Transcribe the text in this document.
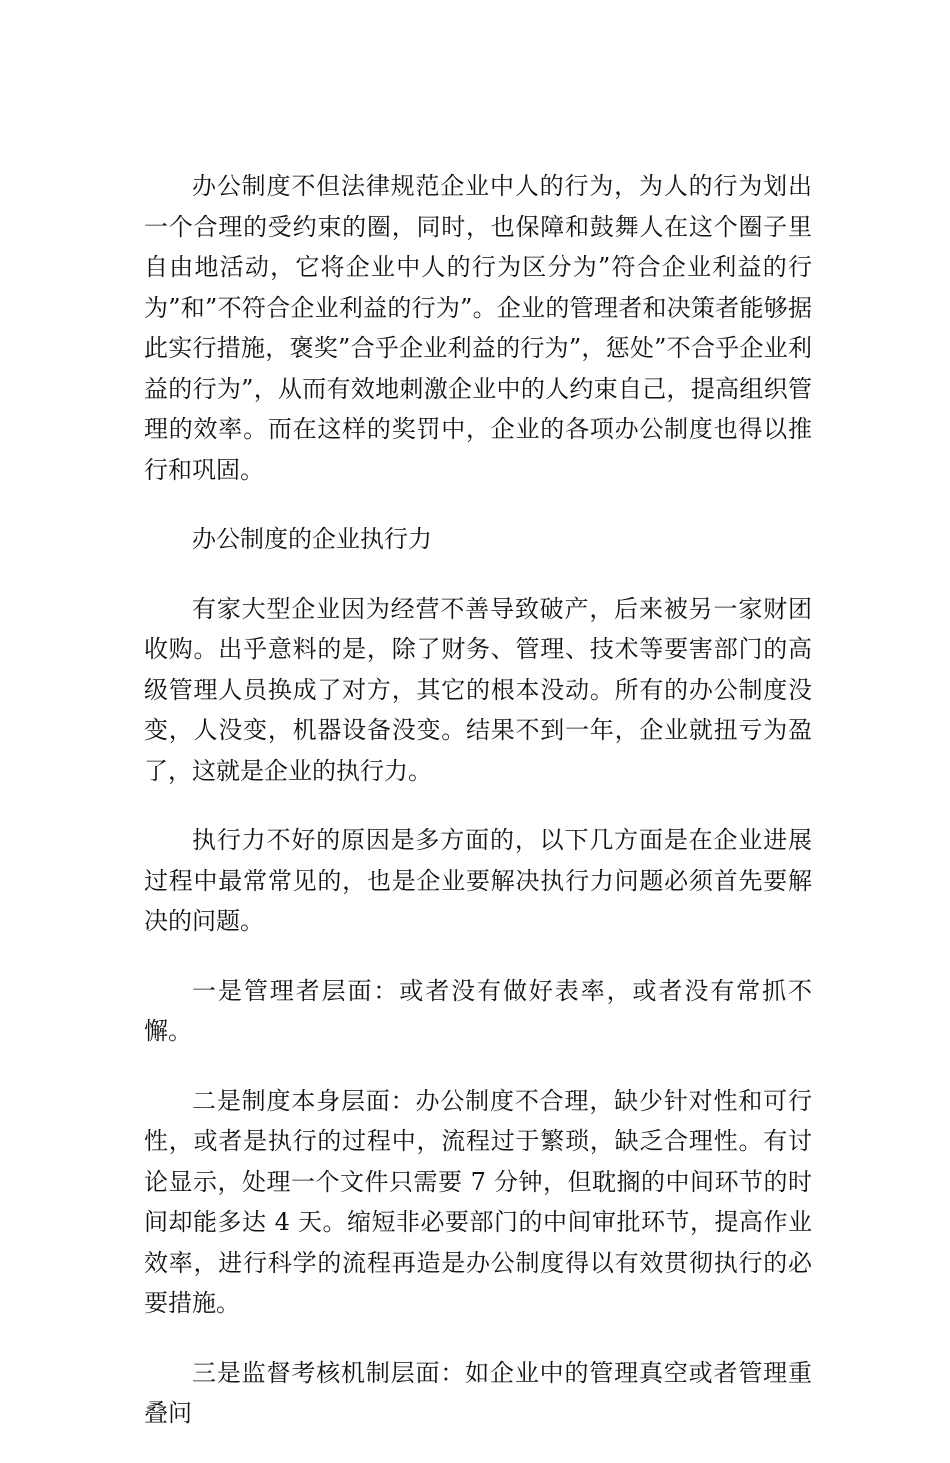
办公制度不但法律规范企业中人的行为，为人的行为划出一个合理的受约束的圈，同时，也保障和鼓舞人在这个圈子里自由地活动，它将企业中人的行为区分为”符合企业利益的行为”和”不符合企业利益的行为”。企业的管理者和决策者能够据此实行措施，褒奖”合乎企业利益的行为”，惩处”不合乎企业利益的行为”，从而有效地刺激企业中的人约束自己，提高组织管理的效率。而在这样的奖罚中，企业的各项办公制度也得以推行和巩固。

办公制度的企业执行力

有家大型企业因为经营不善导致破产，后来被另一家财团收购。出乎意料的是，除了财务、管理、技术等要害部门的高级管理人员换成了对方，其它的根本没动。所有的办公制度没变，人没变，机器设备没变。结果不到一年，企业就扭亏为盈了，这就是企业的执行力。

执行力不好的原因是多方面的，以下几方面是在企业进展过程中最常常见的，也是企业要解决执行力问题必须首先要解决的问题。

一是管理者层面：或者没有做好表率，或者没有常抓不懈。

二是制度本身层面：办公制度不合理，缺少针对性和可行性，或者是执行的过程中，流程过于繁琐，缺乏合理性。有讨论显示，处理一个文件只需要 7 分钟，但耽搁的中间环节的时间却能多达 4 天。缩短非必要部门的中间审批环节，提高作业效率，进行科学的流程再造是办公制度得以有效贯彻执行的必要措施。

三是监督考核机制层面：如企业中的管理真空或者管理重叠问
